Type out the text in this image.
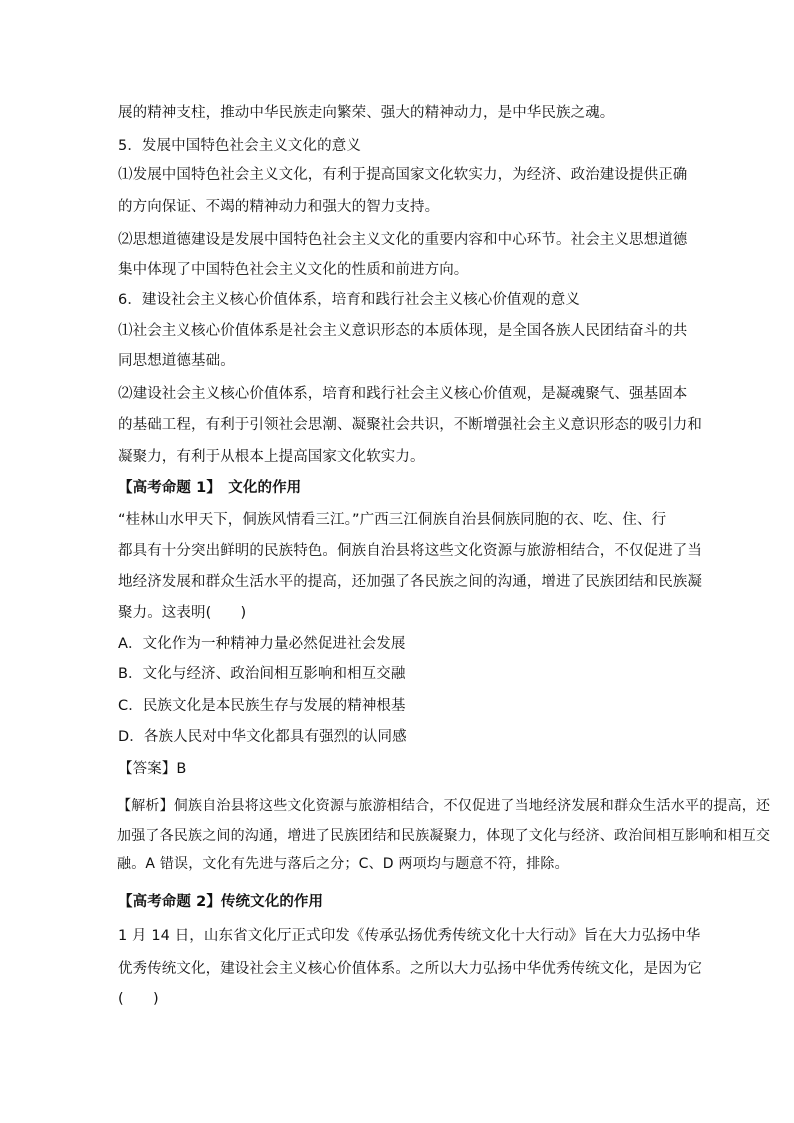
展的精神支柱，推动中华民族走向繁荣、强大的精神动力，是中华民族之魂。
5．发展中国特色社会主义文化的意义
⑴发展中国特色社会主义文化，有利于提高国家文化软实力，为经济、政治建设提供正确
的方向保证、不竭的精神动力和强大的智力支持。
⑵思想道德建设是发展中国特色社会主义文化的重要内容和中心环节。社会主义思想道德
集中体现了中国特色社会主义文化的性质和前进方向。
6．建设社会主义核心价值体系，培育和践行社会主义核心价值观的意义
⑴社会主义核心价值体系是社会主义意识形态的本质体现，是全国各族人民团结奋斗的共
同思想道德基础。
⑵建设社会主义核心价值体系，培育和践行社会主义核心价值观，是凝魂聚气、强基固本
的基础工程，有利于引领社会思潮、凝聚社会共识，不断增强社会主义意识形态的吸引力和
凝聚力，有利于从根本上提高国家文化软实力。
【高考命题 1】　文化的作用
“桂林山水甲天下，侗族风情看三江。”广西三江侗族自治县侗族同胞的衣、吃、住、行
都具有十分突出鲜明的民族特色。侗族自治县将这些文化资源与旅游相结合，不仅促进了当
地经济发展和群众生活水平的提高，还加强了各民族之间的沟通，增进了民族团结和民族凝
聚力。这表明(　　)
A．文化作为一种精神力量必然促进社会发展
B．文化与经济、政治间相互影响和相互交融
C．民族文化是本民族生存与发展的精神根基
D．各族人民对中华文化都具有强烈的认同感
【答案】B
【解析】侗族自治县将这些文化资源与旅游相结合，不仅促进了当地经济发展和群众生活水平的提高，还
加强了各民族之间的沟通，增进了民族团结和民族凝聚力，体现了文化与经济、政治间相互影响和相互交
融。A 错误，文化有先进与落后之分；C、D 两项均与题意不符，排除。
【高考命题 2】传统文化的作用
1 月 14 日，山东省文化厅正式印发《传承弘扬优秀传统文化十大行动》旨在大力弘扬中华
优秀传统文化，建设社会主义核心价值体系。之所以大力弘扬中华优秀传统文化，是因为它
(　　)
